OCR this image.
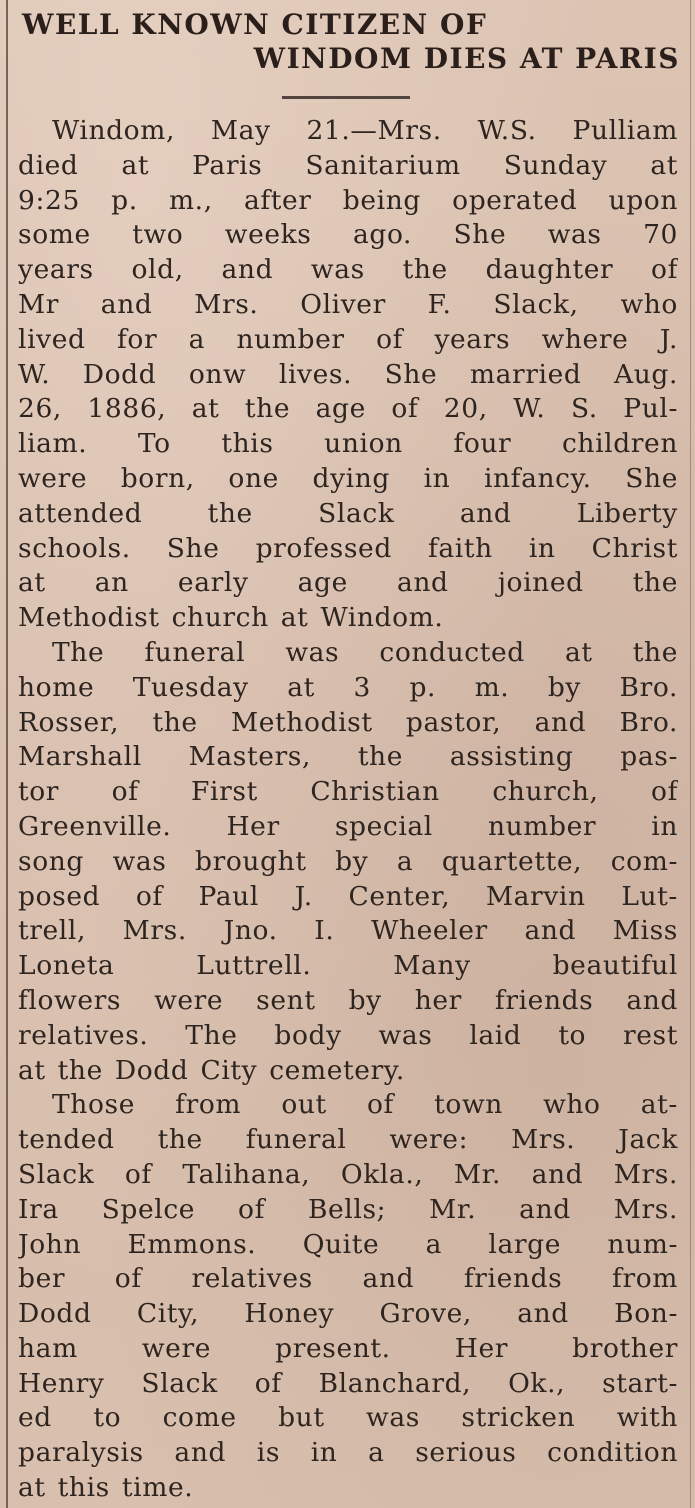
WELL KNOWN CITIZEN OF
WINDOM DIES AT PARIS
Windom, May 21.—Mrs. W.S. Pulliam
died at Paris Sanitarium Sunday at
9:25 p. m., after being operated upon
some two weeks ago. She was 70
years old, and was the daughter of
Mr and Mrs. Oliver F. Slack, who
lived for a number of years where J.
W. Dodd onw lives. She married Aug.
26, 1886, at the age of 20, W. S. Pul-
liam. To this union four children
were born, one dying in infancy. She
attended the Slack and Liberty
schools. She professed faith in Christ
at an early age and joined the
Methodist church at Windom.
The funeral was conducted at the
home Tuesday at 3 p. m. by Bro.
Rosser, the Methodist pastor, and Bro.
Marshall Masters, the assisting pas-
tor of First Christian church, of
Greenville. Her special number in
song was brought by a quartette, com-
posed of Paul J. Center, Marvin Lut-
trell, Mrs. Jno. I. Wheeler and Miss
Loneta Luttrell. Many beautiful
flowers were sent by her friends and
relatives. The body was laid to rest
at the Dodd City cemetery.
Those from out of town who at-
tended the funeral were: Mrs. Jack
Slack of Talihana, Okla., Mr. and Mrs.
Ira Spelce of Bells; Mr. and Mrs.
John Emmons. Quite a large num-
ber of relatives and friends from
Dodd City, Honey Grove, and Bon-
ham were present. Her brother
Henry Slack of Blanchard, Ok., start-
ed to come but was stricken with
paralysis and is in a serious condition
at this time.
